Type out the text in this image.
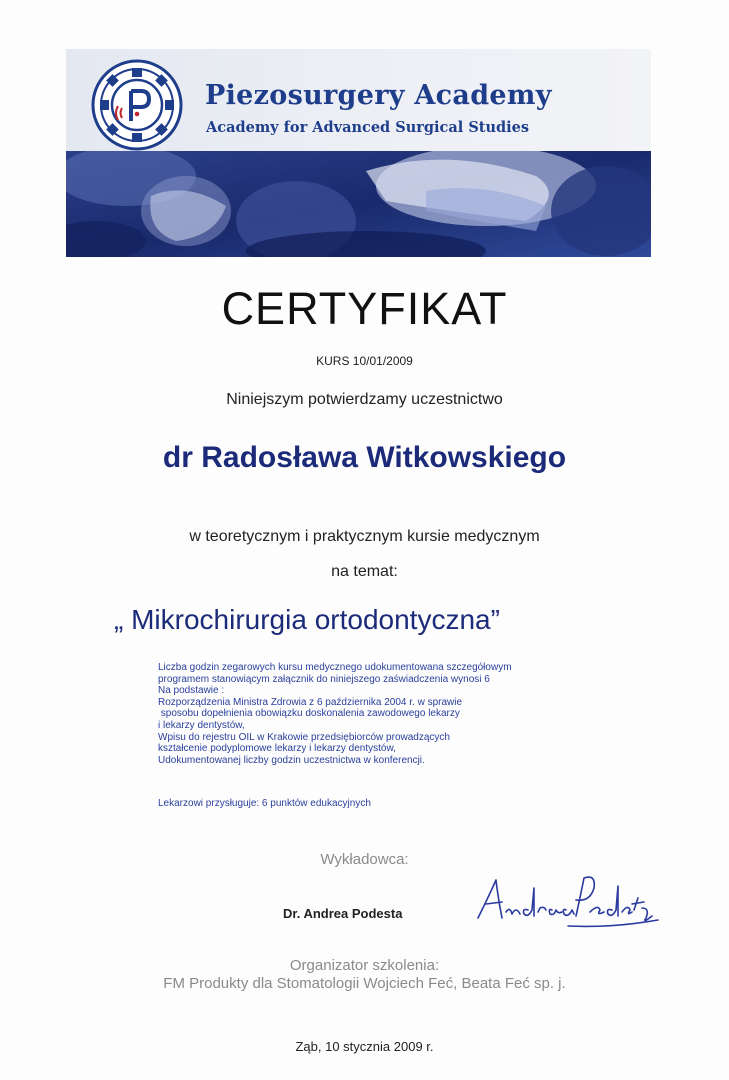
Piezosurgery Academy
Academy for Advanced Surgical Studies
CERTYFIKAT
KURS 10/01/2009
Niniejszym potwierdzamy uczestnictwo
dr Radosława Witkowskiego
w teoretycznym i praktycznym kursie medycznym
na temat:
„ Mikrochirurgia ortodontyczna”
Liczba godzin zegarowych kursu medycznego udokumentowana szczegółowym
programem stanowiącym załącznik do niniejszego zaświadczenia wynosi 6
Na podstawie :
Rozporządzenia Ministra Zdrowia z 6 października 2004 r. w sprawie
sposobu dopełnienia obowiązku doskonalenia zawodowego lekarzy
i lekarzy dentystów,
Wpisu do rejestru OIL w Krakowie przedsiębiorców prowadzących
kształcenie podyplomowe lekarzy i lekarzy dentystów,
Udokumentowanej liczby godzin uczestnictwa w konferencji.
Lekarzowi przysługuje: 6 punktów edukacyjnych
Wykładowca:
Dr. Andrea Podesta
Organizator szkolenia:
FM Produkty dla Stomatologii Wojciech Feć, Beata Feć sp. j.
Ząb, 10 stycznia 2009 r.
